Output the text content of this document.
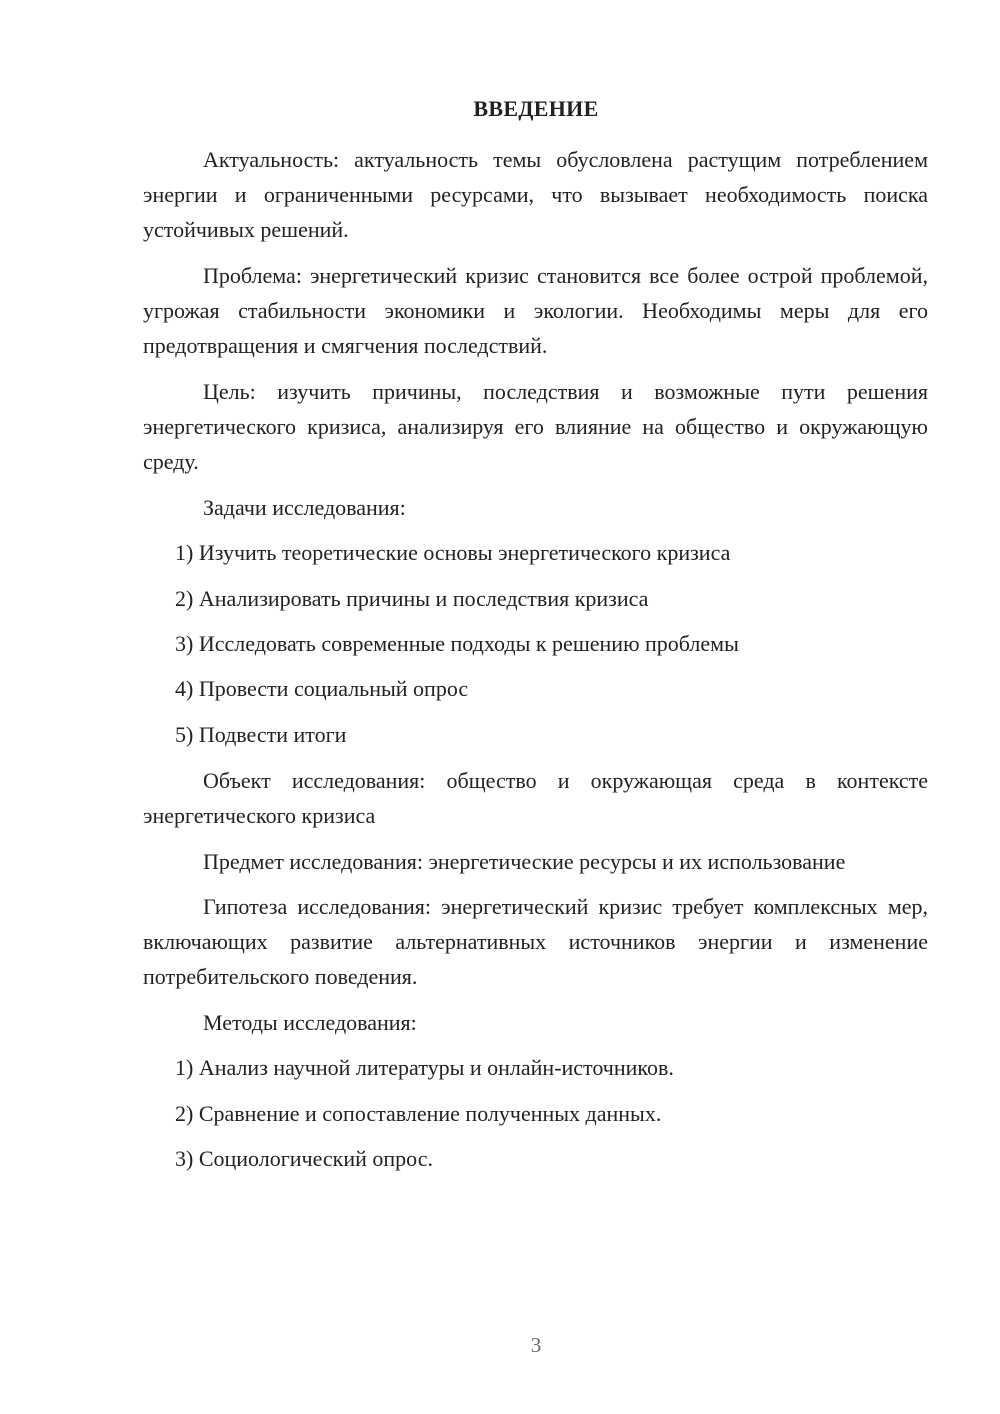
ВВЕДЕНИЕ

Актуальность: актуальность темы обусловлена растущим потреблением энергии и ограниченными ресурсами, что вызывает необходимость поиска устойчивых решений.

Проблема: энергетический кризис становится все более острой проблемой, угрожая стабильности экономики и экологии. Необходимы меры для его предотвращения и смягчения последствий.

Цель: изучить причины, последствия и возможные пути решения энергетического кризиса, анализируя его влияние на общество и окружающую среду.

Задачи исследования:

1) Изучить теоретические основы энергетического кризиса

2) Анализировать причины и последствия кризиса

3) Исследовать современные подходы к решению проблемы

4) Провести социальный опрос

5) Подвести итоги

Объект исследования: общество и окружающая среда в контексте энергетического кризиса

Предмет исследования: энергетические ресурсы и их использование

Гипотеза исследования: энергетический кризис требует комплексных мер, включающих развитие альтернативных источников энергии и изменение потребительского поведения.

Методы исследования:

1) Анализ научной литературы и онлайн-источников.

2) Сравнение и сопоставление полученных данных.

3) Социологический опрос.

3
